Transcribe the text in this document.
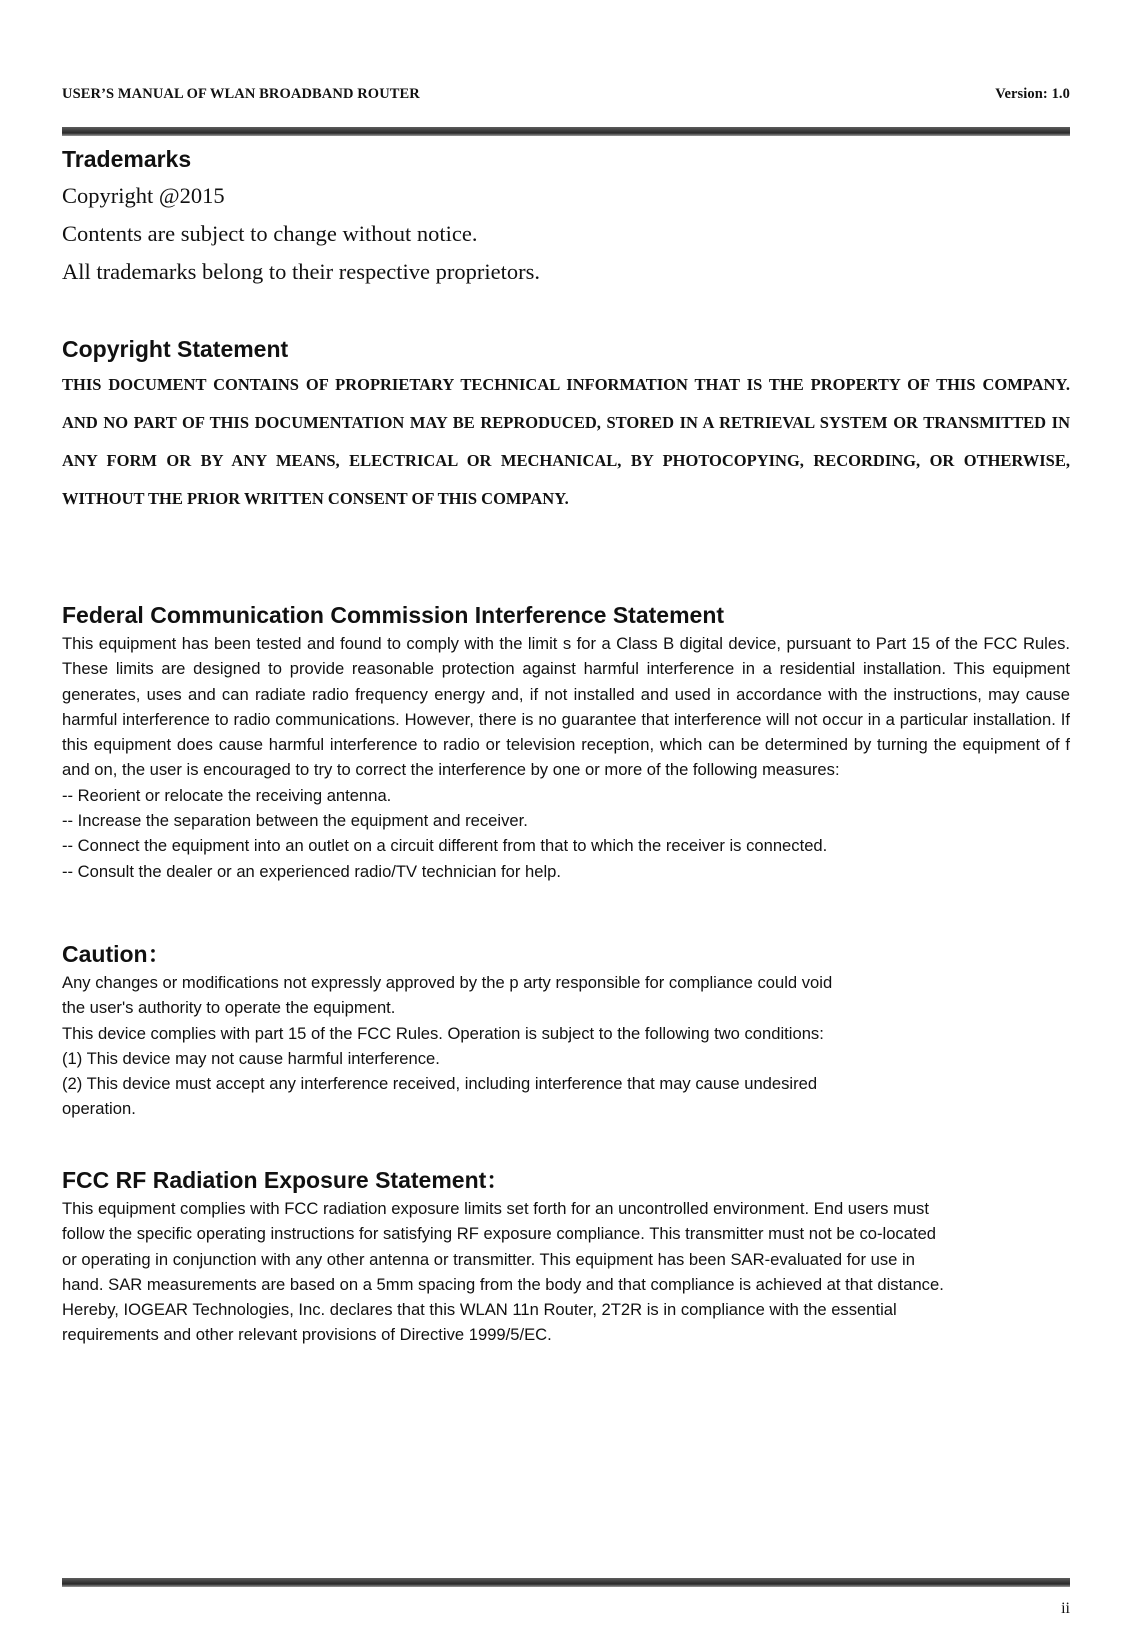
USER’S MANUAL OF WLAN BROADBAND ROUTER	Version: 1.0
Trademarks

Copyright @2015

Contents are subject to change without notice.

All trademarks belong to their respective proprietors.

Copyright Statement

THIS DOCUMENT CONTAINS OF PROPRIETARY TECHNICAL INFORMATION THAT IS THE PROPERTY OF THIS COMPANY. AND NO PART OF THIS DOCUMENTATION MAY BE REPRODUCED, STORED IN A RETRIEVAL SYSTEM OR TRANSMITTED IN ANY FORM OR BY ANY MEANS, ELECTRICAL OR MECHANICAL, BY PHOTOCOPYING, RECORDING, OR OTHERWISE, WITHOUT THE PRIOR WRITTEN CONSENT OF THIS COMPANY.

Federal Communication Commission Interference Statement

This equipment has been tested and found to comply with the limit s for a Class B digital device, pursuant to Part 15 of the FCC Rules. These limits are designed to provide reasonable protection against harmful interference in a residential installation. This equipment generates, uses and can radiate radio frequency energy and, if not installed and used in accordance with the instructions, may cause harmful interference to radio communications. However, there is no guarantee that interference will not occur in a particular installation. If this equipment does cause harmful interference to radio or television reception, which can be determined by turning the equipment of f and on, the user is encouraged to try to correct the interference by one or more of the following measures:

-- Reorient or relocate the receiving antenna.

-- Increase the separation between the equipment and receiver.

-- Connect the equipment into an outlet on a circuit different from that to which the receiver is connected.

-- Consult the dealer or an experienced radio/TV technician for help.

Caution：

Any changes or modifications not expressly approved by the p arty responsible for compliance could void

the user's authority to operate the equipment.

This device complies with part 15 of the FCC Rules. Operation is subject to the following two conditions:

(1) This device may not cause harmful interference.

(2) This device must accept any interference received, including interference that may cause undesired

operation.

FCC RF Radiation Exposure Statement：

This equipment complies with FCC radiation exposure limits set forth for an uncontrolled environment. End users must

follow the specific operating instructions for satisfying RF exposure compliance. This transmitter must not be co-located

or operating in conjunction with any other antenna or transmitter. This equipment has been SAR-evaluated for use in

hand. SAR measurements are based on a 5mm spacing from the body and that compliance is achieved at that distance.

Hereby, IOGEAR Technologies, Inc. declares that this WLAN 11n Router, 2T2R is in compliance with the essential

requirements and other relevant provisions of Directive 1999/5/EC.

ii
